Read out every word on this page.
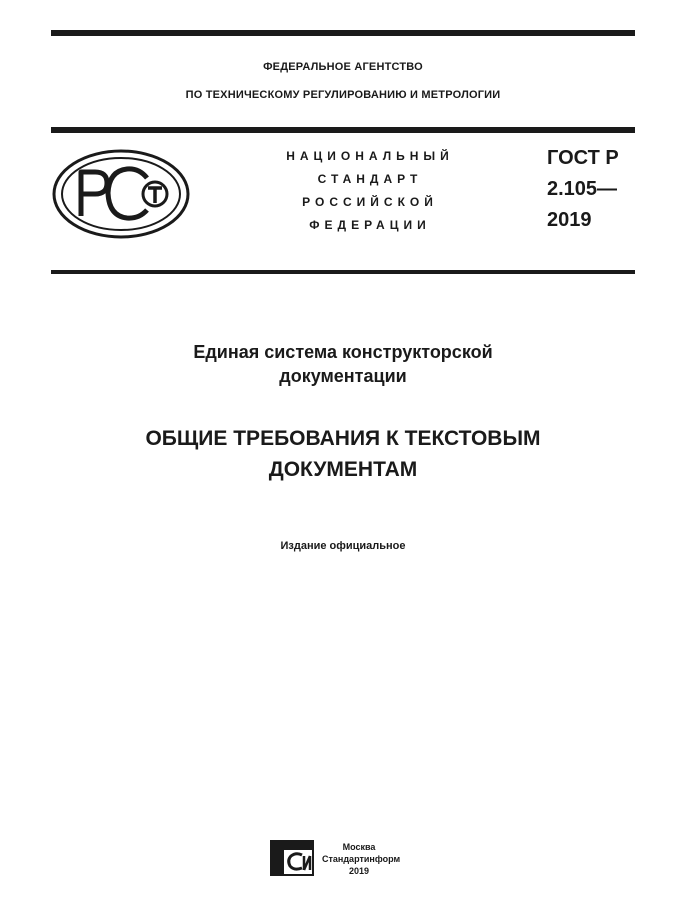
ФЕДЕРАЛЬНОЕ АГЕНТСТВО
ПО ТЕХНИЧЕСКОМУ РЕГУЛИРОВАНИЮ И МЕТРОЛОГИИ
НАЦИОНАЛЬНЫЙ
СТАНДАРТ
РОССИЙСКОЙ
ФЕДЕРАЦИИ
ГОСТ Р
2.105—
2019
Единая система конструкторской
документации
ОБЩИЕ ТРЕБОВАНИЯ К ТЕКСТОВЫМ
ДОКУМЕНТАМ
Издание официальное
Москва
Стандартинформ
2019
